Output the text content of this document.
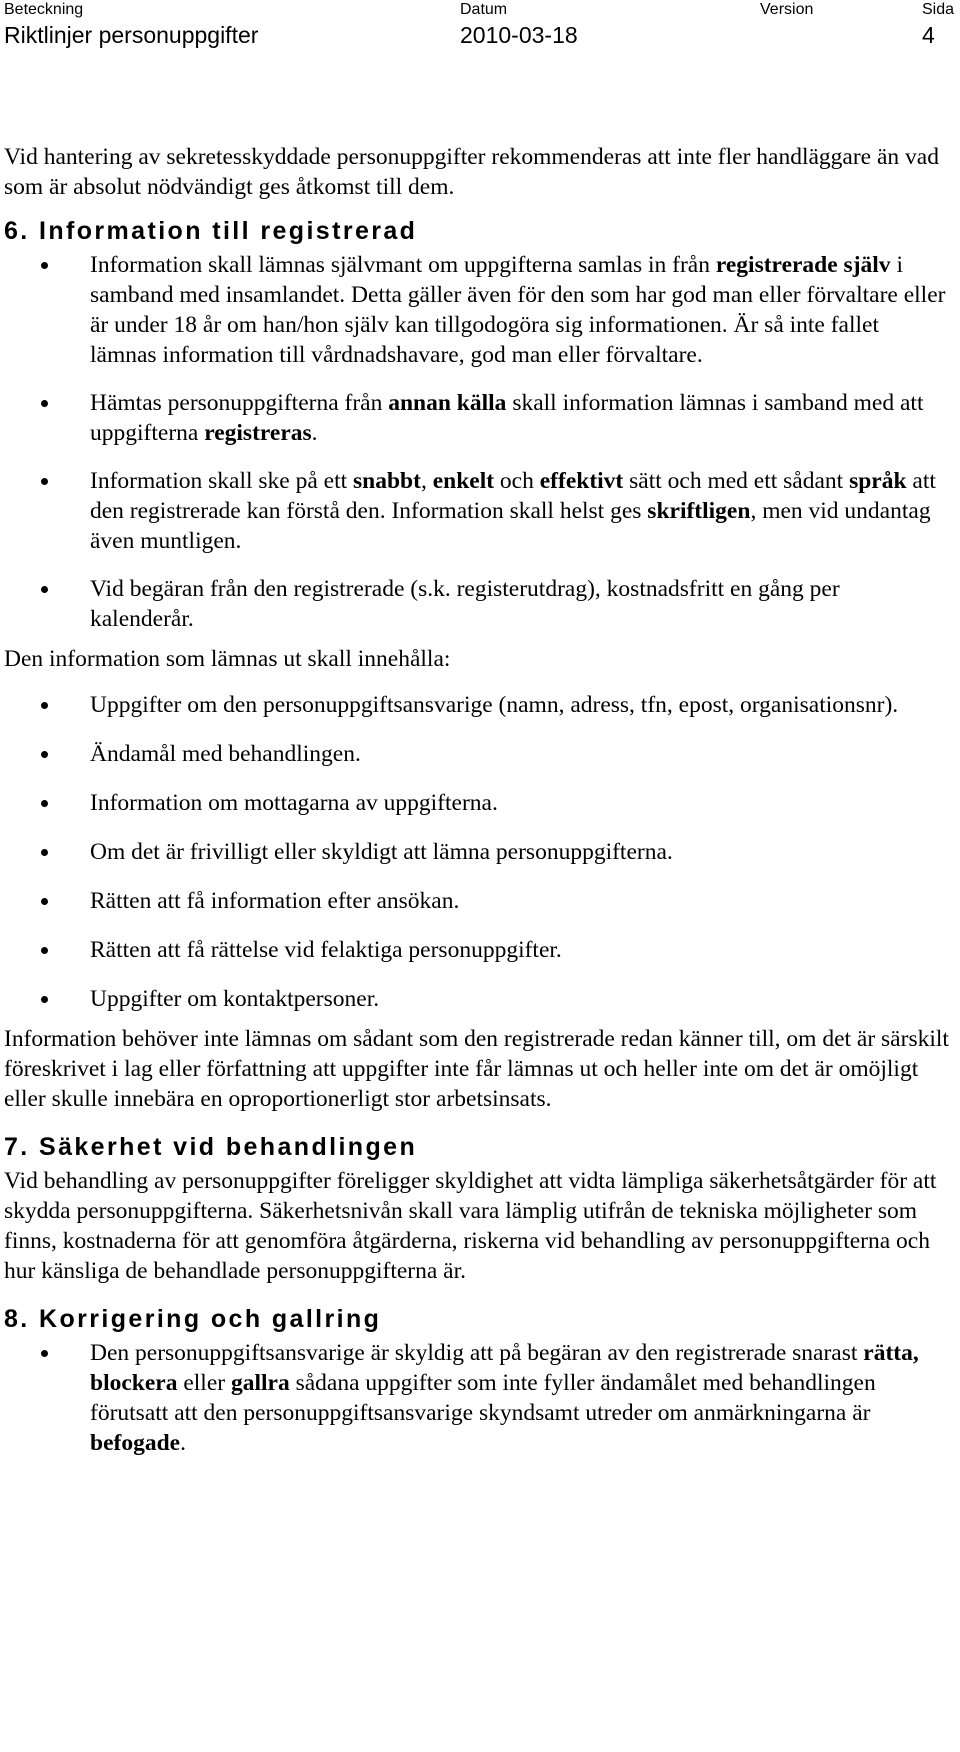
Beteckning
Riktlinjer personuppgifter
Datum
2010-03-18
Version	Sida
4

Vid hantering av sekretesskyddade personuppgifter rekommenderas att inte fler handläggare än vad som är absolut nödvändigt ges åtkomst till dem.

6. Information till registrerad
Information skall lämnas självmant om uppgifterna samlas in från registrerade själv i samband med insamlandet. Detta gäller även för den som har god man eller förvaltare eller är under 18 år om han/hon själv kan tillgodogöra sig informationen. Är så inte fallet lämnas information till vårdnadshavare, god man eller förvaltare.
Hämtas personuppgifterna från annan källa skall information lämnas i samband med att uppgifterna registreras.
Information skall ske på ett snabbt, enkelt och effektivt sätt och med ett sådant språk att den registrerade kan förstå den. Information skall helst ges skriftligen, men vid undantag även muntligen.
Vid begäran från den registrerade (s.k. registerutdrag), kostnadsfritt en gång per kalenderår.

Den information som lämnas ut skall innehålla:

Uppgifter om den personuppgiftsansvarige (namn, adress, tfn, epost, organisationsnr).
Ändamål med behandlingen.
Information om mottagarna av uppgifterna.
Om det är frivilligt eller skyldigt att lämna personuppgifterna.
Rätten att få information efter ansökan.
Rätten att få rättelse vid felaktiga personuppgifter.
Uppgifter om kontaktpersoner.

Information behöver inte lämnas om sådant som den registrerade redan känner till, om det är särskilt föreskrivet i lag eller författning att uppgifter inte får lämnas ut och heller inte om det är omöjligt eller skulle innebära en oproportionerligt stor arbetsinsats.

7. Säkerhet vid behandlingen

Vid behandling av personuppgifter föreligger skyldighet att vidta lämpliga säkerhetsåtgärder för att skydda personuppgifterna. Säkerhetsnivån skall vara lämplig utifrån de tekniska möjligheter som finns, kostnaderna för att genomföra åtgärderna, riskerna vid behandling av personuppgifterna och hur känsliga de behandlade personuppgifterna är.

8. Korrigering och gallring
Den personuppgiftsansvarige är skyldig att på begäran av den registrerade snarast rätta, blockera eller gallra sådana uppgifter som inte fyller ändamålet med behandlingen förutsatt att den personuppgiftsansvarige skyndsamt utreder om anmärkningarna är befogade.
